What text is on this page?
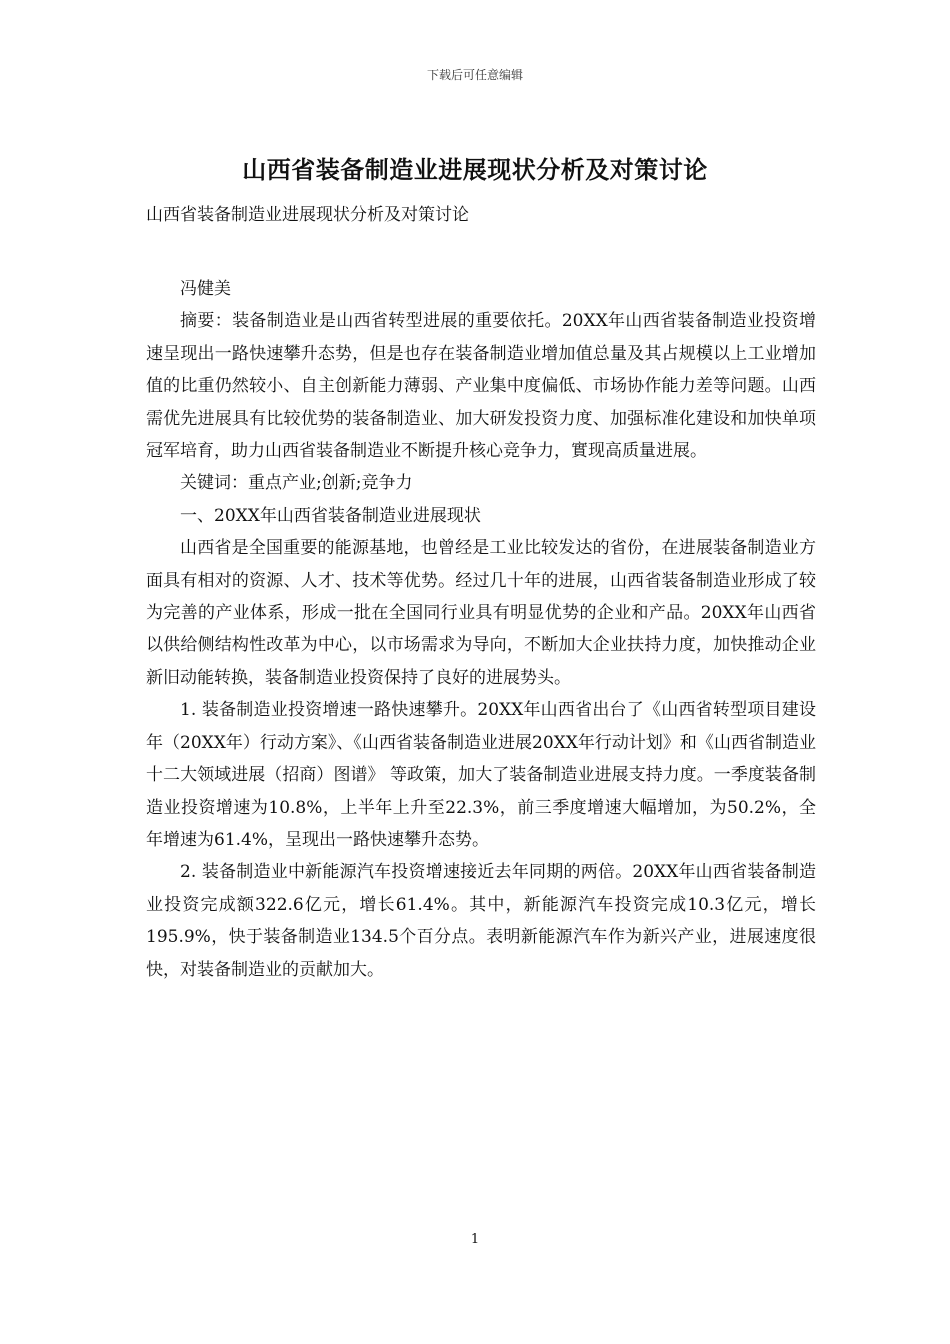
下载后可任意编辑
山西省装备制造业进展现状分析及对策讨论
山西省装备制造业进展现状分析及对策讨论

冯健美

摘要：装备制造业是山西省转型进展的重要依托。20XX年山西省装备制造业投资增速呈现出一路快速攀升态势，但是也存在装备制造业增加值总量及其占规模以上工业增加值的比重仍然较小、自主创新能力薄弱、产业集中度偏低、市场协作能力差等问题。山西需优先进展具有比较优势的装备制造业、加大研发投资力度、加强标准化建设和加快单项冠军培育，助力山西省装备制造业不断提升核心竞争力，實现高质量进展。

关键词：重点产业;创新;竞争力

一、20XX年山西省装备制造业进展现状

山西省是全国重要的能源基地，也曾经是工业比较发达的省份，在进展装备制造业方面具有相对的资源、人才、技术等优势。经过几十年的进展，山西省装备制造业形成了较为完善的产业体系，形成一批在全国同行业具有明显优势的企业和产品。20XX年山西省以供给侧结构性改革为中心，以市场需求为导向，不断加大企业扶持力度，加快推动企业新旧动能转换，装备制造业投资保持了良好的进展势头。

1. 装备制造业投资增速一路快速攀升。20XX年山西省出台了《山西省转型项目建设年（20XX年）行动方案》、《山西省装备制造业进展20XX年行动计划》和《山西省制造业十二大领域进展（招商）图谱》 等政策，加大了装备制造业进展支持力度。一季度装备制造业投资增速为10.8%，上半年上升至22.3%，前三季度增速大幅增加，为50.2%，全年增速为61.4%，呈现出一路快速攀升态势。

2. 装备制造业中新能源汽车投资增速接近去年同期的两倍。20XX年山西省装备制造业投资完成额322.6亿元，增长61.4%。其中，新能源汽车投资完成10.3亿元，增长195.9%，快于装备制造业134.5个百分点。表明新能源汽车作为新兴产业，进展速度很快，对装备制造业的贡献加大。

1
